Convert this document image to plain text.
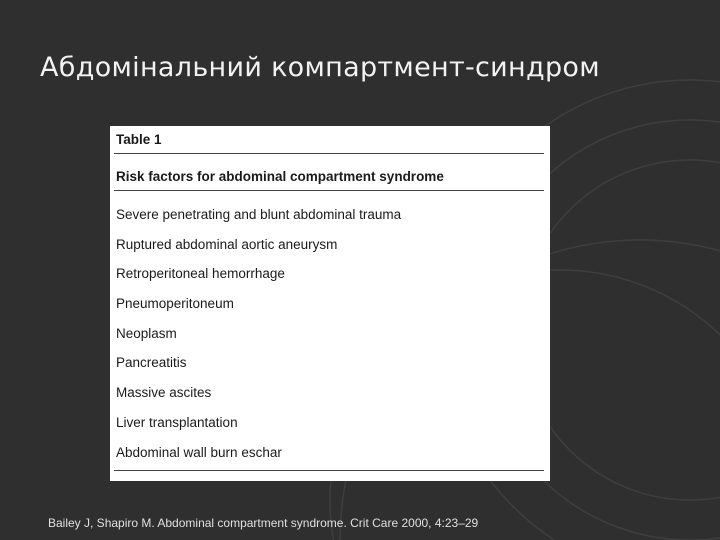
Абдомінальний компартмент-синдром
Table 1
Risk factors for abdominal compartment syndrome
Severe penetrating and blunt abdominal trauma
Ruptured abdominal aortic aneurysm
Retroperitoneal hemorrhage
Pneumoperitoneum
Neoplasm
Pancreatitis
Massive ascites
Liver transplantation
Abdominal wall burn eschar
Bailey J, Shapiro M. Abdominal compartment syndrome. Crit Care 2000, 4:23–29
